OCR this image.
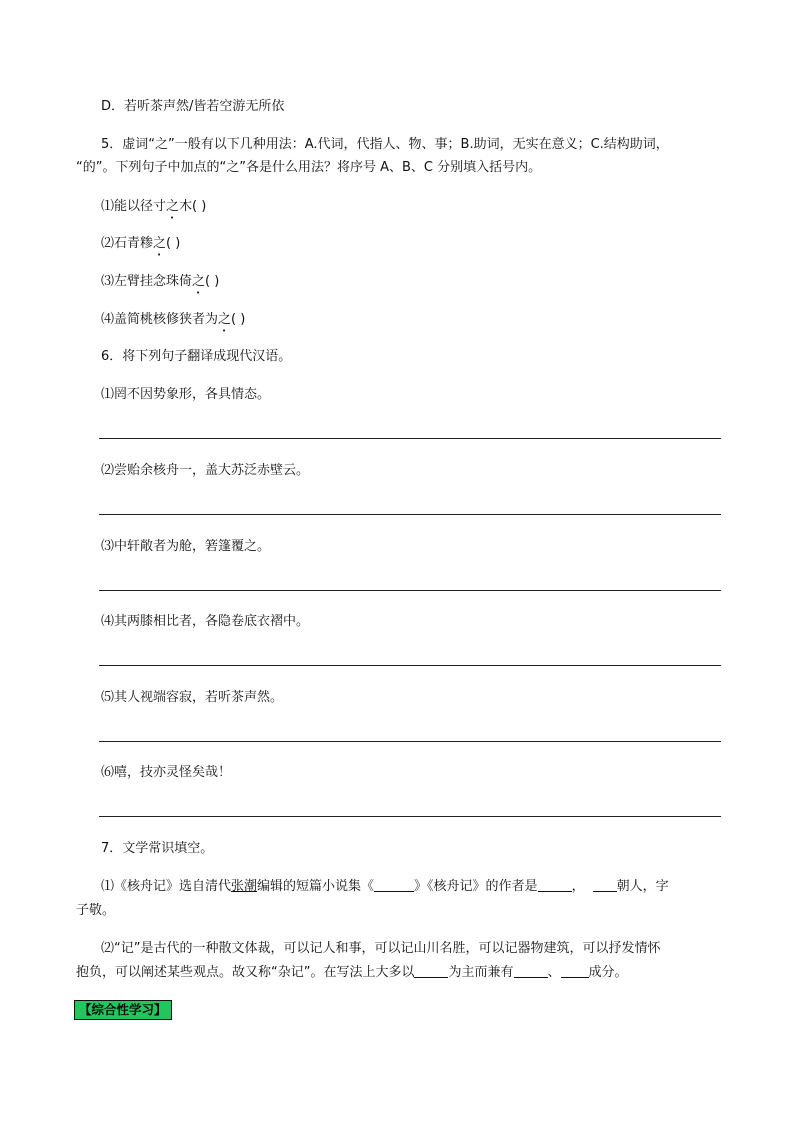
D．若听茶声然/皆若空游无所依
5．虚词“之”一般有以下几种用法：A.代词，代指人、物、事；B.助词，无实在意义；C.结构助词，
“的”。下列句子中加点的“之”各是什么用法？将序号 A、B、C 分别填入括号内。
⑴能以径寸之木( )
⑵石青糁之( )
⑶左臂挂念珠倚之( )
⑷盖简桃核修狭者为之( )
6．将下列句子翻译成现代汉语。
⑴罔不因势象形，各具情态。
⑵尝贻余核舟一，盖大苏泛赤壁云。
⑶中轩敞者为舱，箬篷覆之。
⑷其两膝相比者，各隐卷底衣褶中。
⑸其人视端容寂，若听茶声然。
⑹嘻，技亦灵怪矣哉！
7．文学常识填空。
⑴《核舟记》选自清代张潮编辑的短篇小说集《	》《核舟记》的作者是	， 朝人，字
子敬。
⑵“记”是古代的一种散文体裁，可以记人和事，可以记山川名胜，可以记器物建筑，可以抒发情怀
抱负，可以阐述某些观点。故又称“杂记”。在写法上大多以	为主而兼有	、 成分。
【综合性学习】
